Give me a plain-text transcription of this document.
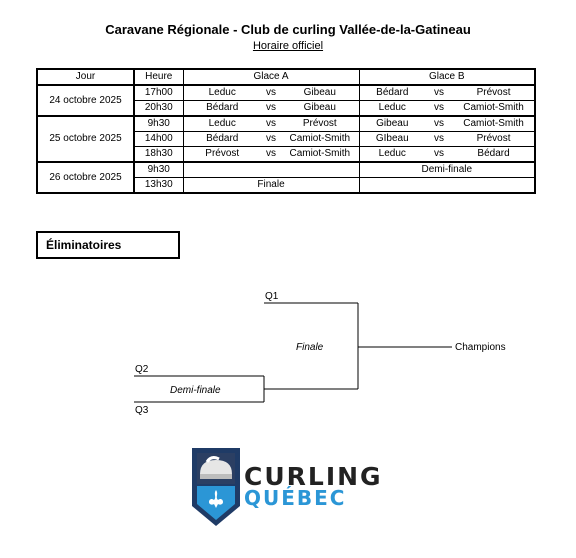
Caravane Régionale - Club de curling Vallée-de-la-Gatineau
Horaire officiel
Jour	Heure	Glace A			Glace B		
24 octobre 2025	17h00	Leduc	vs	Gibeau	Bédard	vs	Prévost
	20h30	Bédard	vs	Gibeau	Leduc	vs	Camiot-Smith
25 octobre 2025	9h30	Leduc	vs	Prévost	Gibeau	vs	Camiot-Smith
	14h00	Bédard	vs	Camiot-Smith	GIbeau	vs	Prévost
	18h30	Prévost	vs	Camiot-Smith	Leduc	vs	Bédard
26 octobre 2025	9h30				Demi-finale		
	13h30	Finale					
Éliminatoires
Q1
Finale	Champions
Q2
Demi-finale
Q3
CURLING
QUÉBEC
